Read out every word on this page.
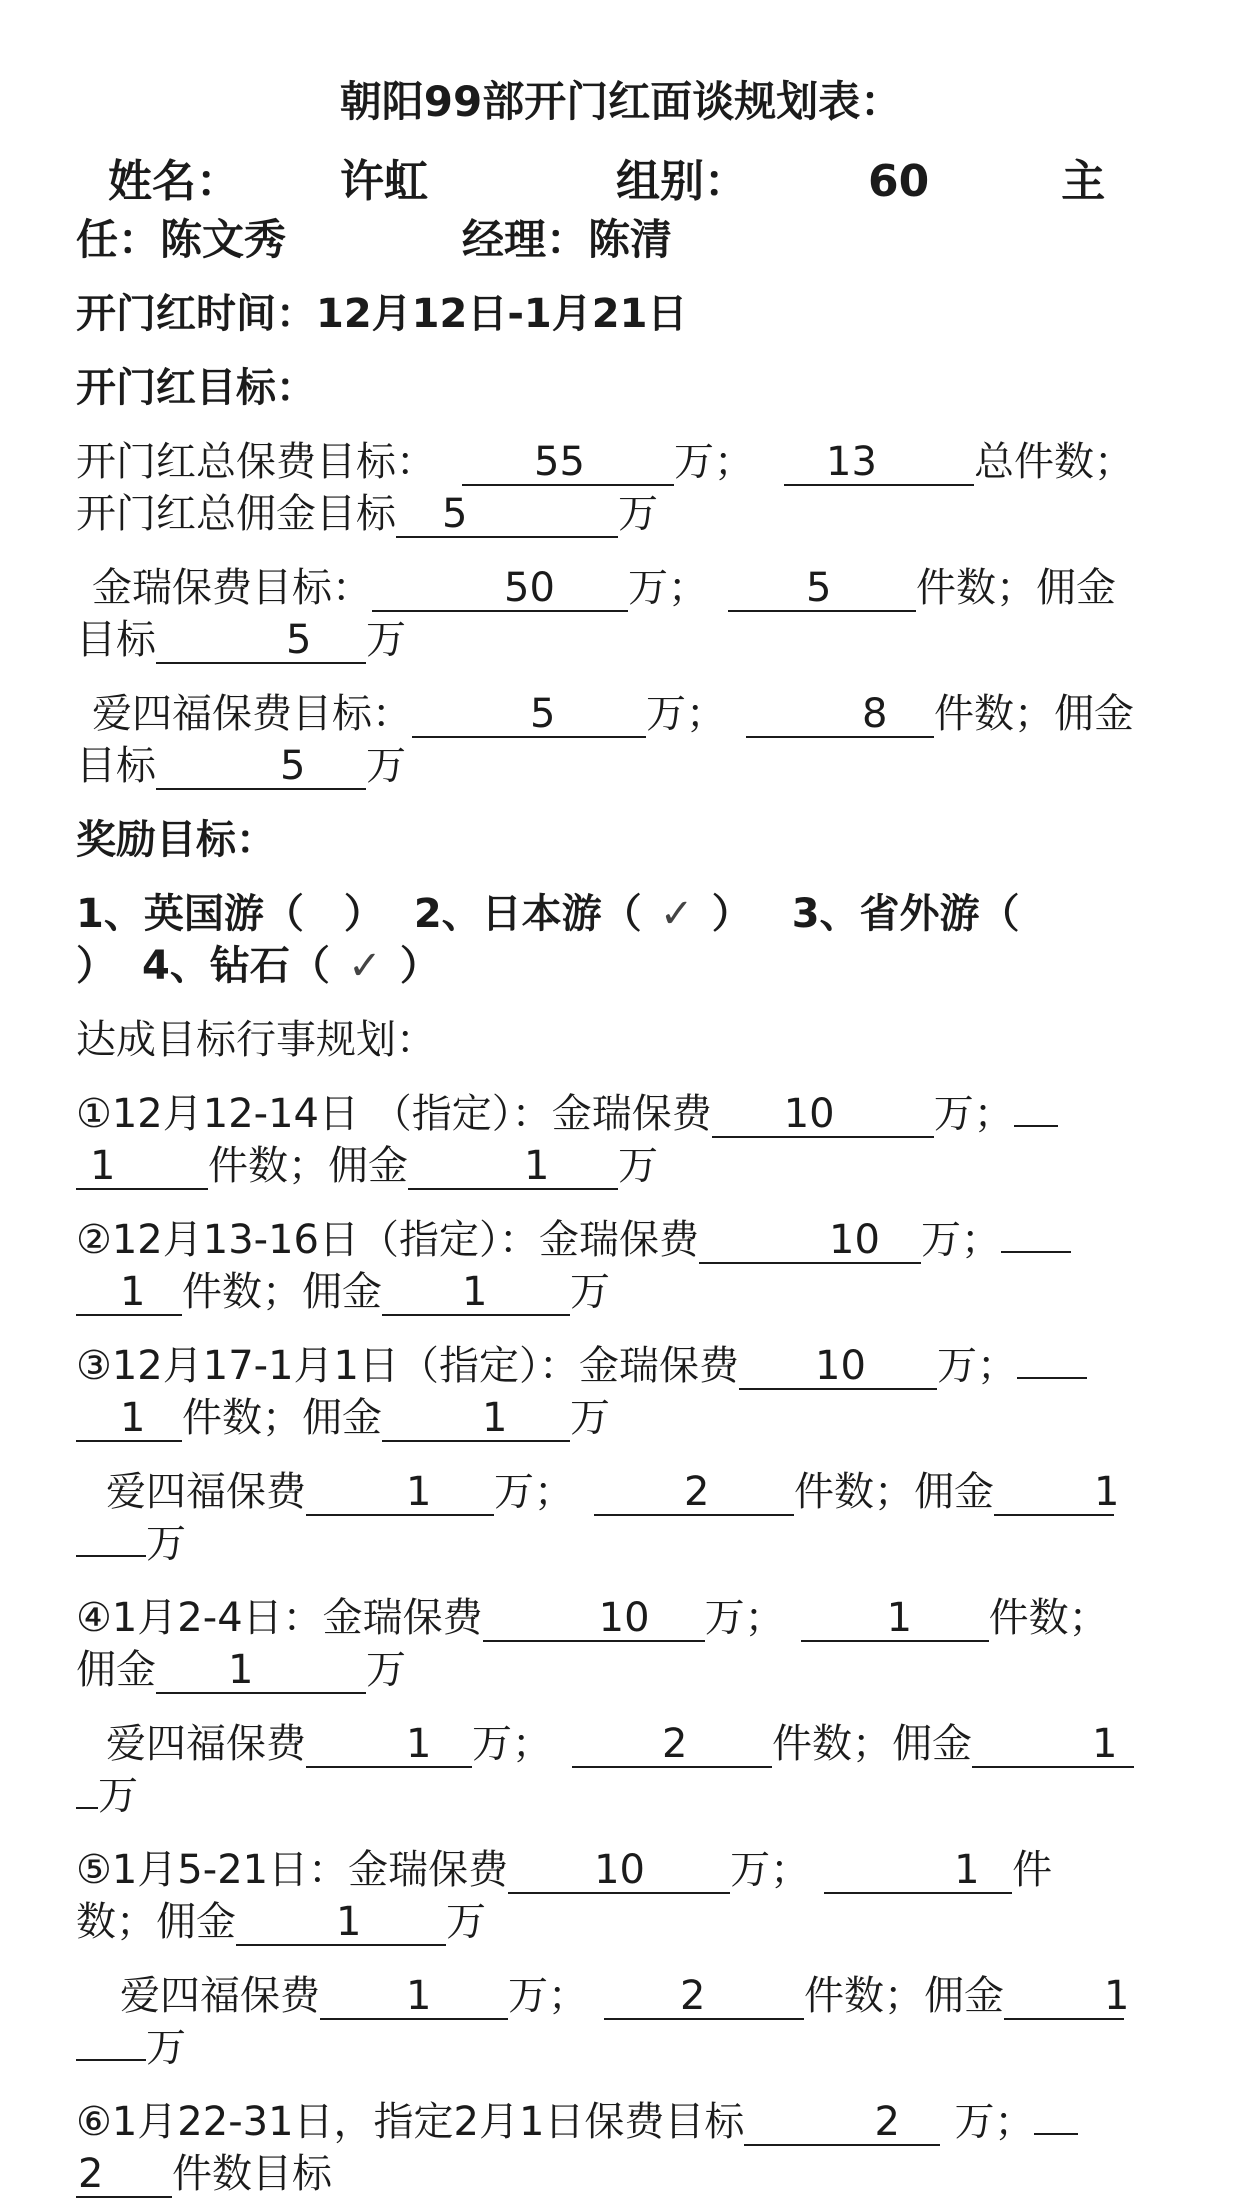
朝阳99部开门红面谈规划表：
姓名： 许虹	组别：	60	主
任：陈文秀	经理：陈清
开门红时间：12月12日-1月21日
开门红目标：
开门红总保费目标： 55 万； 13 总件数；
开门红总佣金目标 5	万
金瑞保费目标：	50 万； 5 件数；佣金
目标	5 万
爱四福保费目标：	5 万；	8 件数；佣金
目标	5 万
奖励目标：
1、英国游（ ） 2、日本游（ ✓ ） 3、省外游（
） 4、钻石（ ✓ ）
达成目标行事规划：
①12月12-14日 （指定）：金瑞保费 10 万；
1 件数；佣金	1 万
②12月13-16日（指定）：金瑞保费	10 万；
1 件数；佣金 1 万
③12月17-1月1日（指定）：金瑞保费 10 万；
1 件数；佣金	1 万
爱四福保费	1 万；	2 件数；佣金	1
万
④1月2-4日：金瑞保费	10 万；	1 件数；
佣金 1	万
爱四福保费	1 万；	2 件数；佣金	1
万
⑤1月5-21日：金瑞保费 10 万；	1 件
数；佣金	1 万
爱四福保费 1 万； 2 件数；佣金	1
万
⑥1月22-31日，指定2月1日保费目标	2 万；
2 件数目标
